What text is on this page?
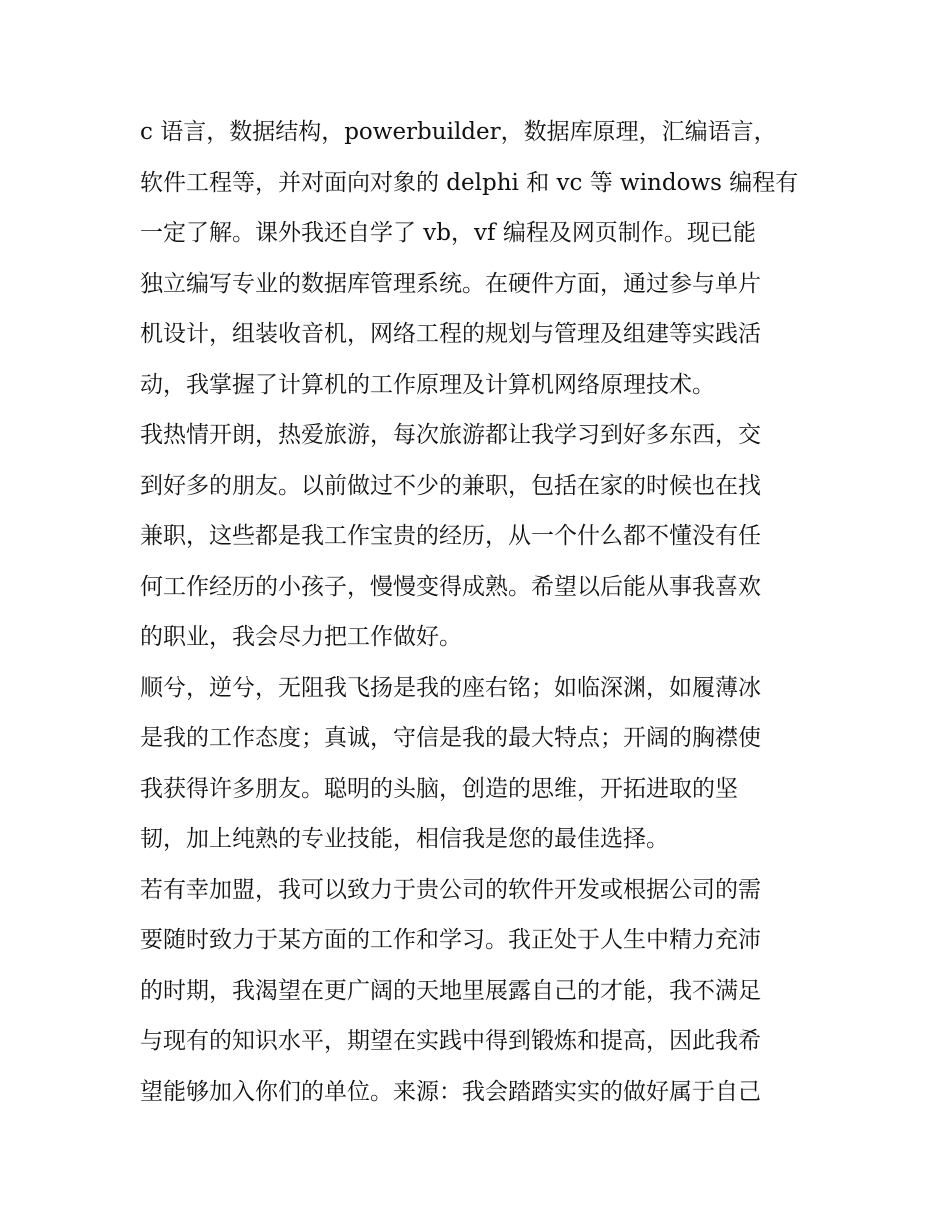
c 语言，数据结构，powerbuilder，数据库原理，汇编语言，
软件工程等，并对面向对象的 delphi 和 vc 等 windows 编程有
一定了解。课外我还自学了 vb，vf 编程及网页制作。现已能
独立编写专业的数据库管理系统。在硬件方面，通过参与单片
机设计，组装收音机，网络工程的规划与管理及组建等实践活
动，我掌握了计算机的工作原理及计算机网络原理技术。
我热情开朗，热爱旅游，每次旅游都让我学习到好多东西，交
到好多的朋友。以前做过不少的兼职，包括在家的时候也在找
兼职，这些都是我工作宝贵的经历，从一个什么都不懂没有任
何工作经历的小孩子，慢慢变得成熟。希望以后能从事我喜欢
的职业，我会尽力把工作做好。
顺兮，逆兮，无阻我飞扬是我的座右铭；如临深渊，如履薄冰
是我的工作态度；真诚，守信是我的最大特点；开阔的胸襟使
我获得许多朋友。聪明的头脑，创造的思维，开拓进取的坚
韧，加上纯熟的专业技能，相信我是您的最佳选择。
若有幸加盟，我可以致力于贵公司的软件开发或根据公司的需
要随时致力于某方面的工作和学习。我正处于人生中精力充沛
的时期，我渴望在更广阔的天地里展露自己的才能，我不满足
与现有的知识水平，期望在实践中得到锻炼和提高，因此我希
望能够加入你们的单位。来源：我会踏踏实实的做好属于自己
